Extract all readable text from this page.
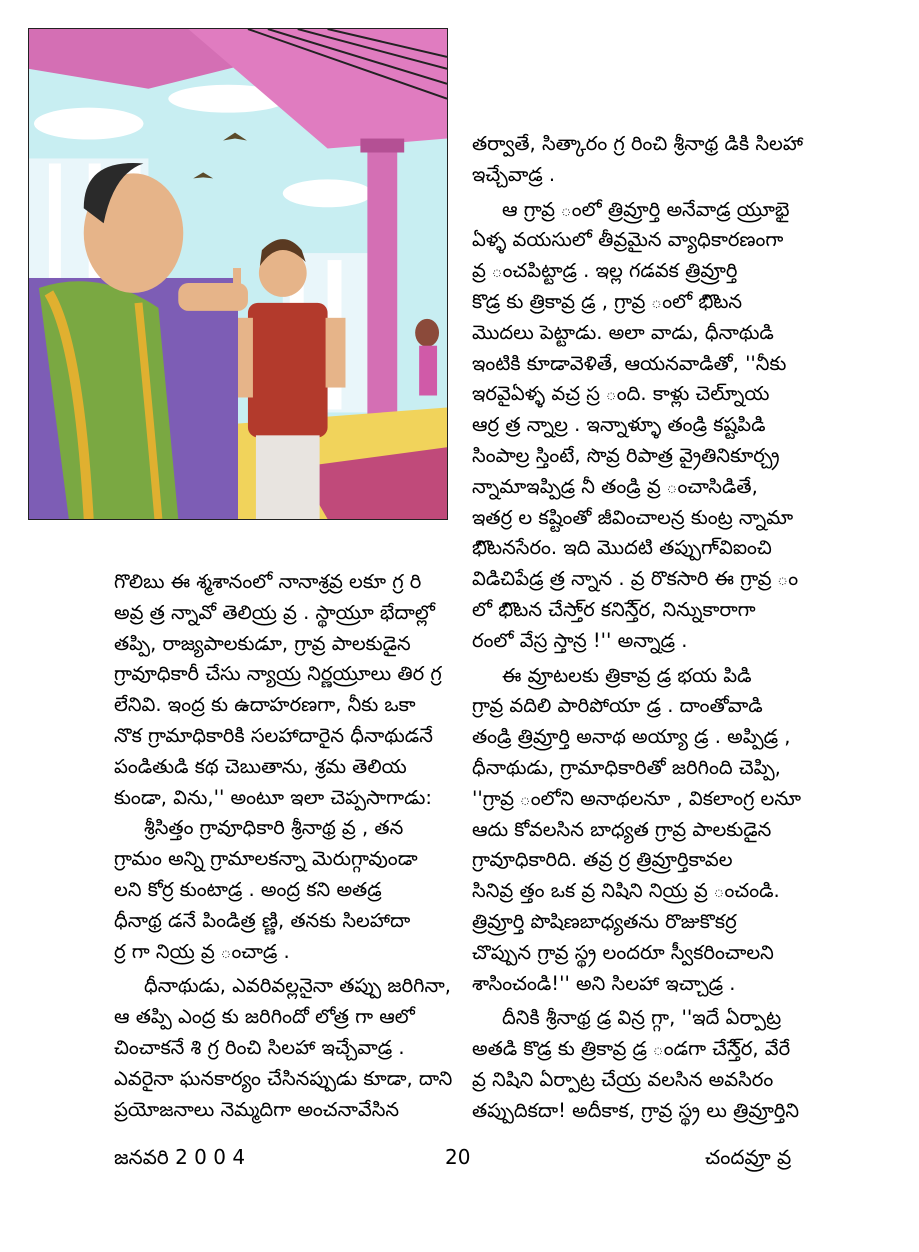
తర్వాతే, సిత్కారం గ్ర రించి శ్రీనాథ్ర డికి సిలహా

ఇచ్చేవాడ్ర .

ఆ గ్రావ్ర ంలో త్రివ్రూర్తి అనేవాడ్ర య్రూభై

ఏళ్ళ వయసులో తీవ్రమైన వ్యాధికారణంగా

వ్ర ంచపిట్టాడ్ర . ఇల్ల గడవక త్రివ్రూర్తి

కొడ్ర కు త్రికావ్ర డ్ర , గ్రావ్ర ంలో భిొటన

మొదలు పెట్టాడు. అలా వాడు, ధీనాథుడి

ఇంటికి కూడావెళితే, ఆయనవాడితో, ''నీకు

ఇరవైఏళ్ళ వచ్ర స్ర ంది. కాళ్లు చెల్నూ్య

ఆర్ర త్ర న్నాల్ర . ఇన్నాళ్ళూ తండ్రి కష్టపిడి

సింపాల్ర స్తింటే, సొవ్ర రిపాత్ర వ్రైతినికూర్చ్ర

న్నామాఇప్పిడ్ర నీ తండ్రి వ్ర ంచాసిడితే,

ఇతర్ర ల కష్టింతో జీవించాలన్ర కుంట్ర న్నామా

భిొటనసేరం. ఇది మొదటి తప్పుగా్విఐంచి

విడిచిపేడ్ర త్ర న్నాన . వ్ర రొకసారి ఈ గ్రావ్ర ం

లో భిొటన చేస్తా్ర కనిస్తే్ర, నిన్నుకారాగా

రంలో వేస్ర స్తాన్ర !'' అన్నాడ్ర .

ఈ వ్రూటలకు త్రికావ్ర డ్ర భయ పిడి

గ్రావ్ర వదిలి పారిపోయా డ్ర . దాంతోవాడి

తండ్రి త్రివ్రూర్తి అనాథ అయ్యా డ్ర . అప్పిడ్ర ,

ధీనాథుడు, గ్రామాధికారితో జరిగింది చెప్పి,

''గ్రావ్ర ంలోని అనాథలనూ , వికలాంగ్ర లనూ

ఆదు కోవలసిన బాధ్యత గ్రావ్ర పాలకుడైన

గ్రావూధికారిది. తవ్ర ర్ర త్రివ్రూర్తికావల

సినివ్ర త్తం ఒక వ్ర నిషిని నియ్ర వ్ర ంచండి.

త్రివ్రూర్తి పొషిణబాధ్యతను రొజుకొకర్ర

చొప్పున గ్రావ్ర స్థ్ర లందరూ స్వీకరించాలని

శాసించండి!'' అని సిలహా ఇచ్చాడ్ర .

దీనికి శ్రీనాథ్ర డ్ర విన్ర గ్గా, ''ఇదే ఏర్పాట్ర

అతడి కొడ్ర కు త్రికావ్ర డ్ర ండగా చేస్తే్ర, వేరే

వ్ర నిషిని ఏర్పాట్ర చేయ్ర వలసిన అవసిరం

తప్పుదికదా! అదీకాక, గ్రావ్ర స్థ్ర లు త్రివ్రూర్తిని

గొలిబు ఈ శ్మశానంలో నానాశ్రవ్ర లకూ గ్ర రి

అవ్ర త్ర న్నావో తెలియ్ర వ్ర . స్థాయ్రూ భేదాల్లో

తప్పి, రాజ్యపాలకుడూ, గ్రావ్ర పాలకుడైన

గ్రావూధికారీ చేసు న్యాయ్ర నిర్ణయ్రూలు తిర గ్ర

లేనివి. ఇంద్ర కు ఉదాహరణగా, నీకు ఒకా

నొక గ్రామాధికారికి సలహాదారైన ధీనాథుడనే

పండితుడి కథ చెబుతాను, శ్రమ తెలియ

కుండా, విను,'' అంటూ ఇలా చెప్పసాగాడు:

శ్రీసిత్తం గ్రావూధికారి శ్రీనాథ్ర వ్ర , తన

గ్రామం అన్ని గ్రామాలకన్నా మెరుగ్గావుండా

లని కోర్ర కుంటాడ్ర . అంద్ర కని అతడ్ర

ధీనాథ్ర డనే పిండిత్ర ణ్ణి, తనకు సిలహాదా

ర్ర గా నియ్ర వ్ర ంచాడ్ర .

ధీనాథుడు, ఎవరివల్లనైనా తప్పు జరిగినా,

ఆ తప్పి ఎంద్ర కు జరిగిందో లోత్ర గా ఆలో

చించాకనే శి గ్ర రించి సిలహా ఇచ్చేవాడ్ర .

ఎవరైనా ఘనకార్యం చేసినప్పుడు కూడా, దాని

ప్రయోజనాలు నెమ్మదిగా అంచనావేసిన

జనవరి 2 0 0 4	20	చందవ్రూ వ్ర
